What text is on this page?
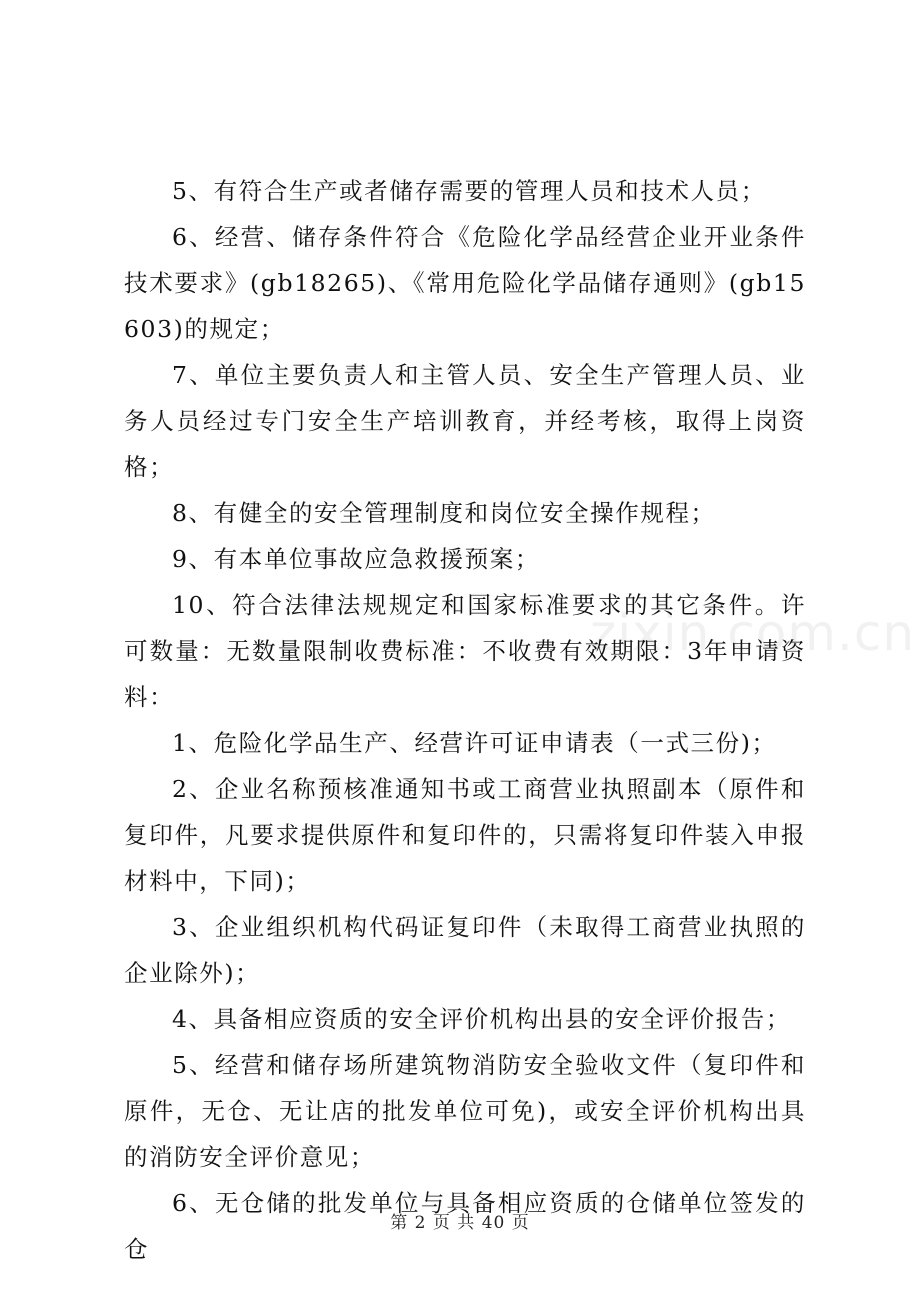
zixin.com.cn

5、有符合生产或者储存需要的管理人员和技术人员；

6、经营、储存条件符合《危险化学品经营企业开业条件技术要求》(gb18265)、《常用危险化学品储存通则》(gb15603)的规定；

7、单位主要负责人和主管人员、安全生产管理人员、业务人员经过专门安全生产培训教育，并经考核，取得上岗资格；

8、有健全的安全管理制度和岗位安全操作规程；

9、有本单位事故应急救援预案；

10、符合法律法规规定和国家标准要求的其它条件。许可数量：无数量限制收费标准：不收费有效期限：3年申请资料：

1、危险化学品生产、经营许可证申请表（一式三份)；

2、企业名称预核准通知书或工商营业执照副本（原件和复印件，凡要求提供原件和复印件的，只需将复印件装入申报材料中，下同)；

3、企业组织机构代码证复印件（未取得工商营业执照的企业除外)；

4、具备相应资质的安全评价机构出县的安全评价报告；

5、经营和储存场所建筑物消防安全验收文件（复印件和原件，无仓、无让店的批发单位可免)，或安全评价机构出具的消防安全评价意见；

6、无仓储的批发单位与具备相应资质的仓储单位签发的仓

第 2 页 共 40 页
